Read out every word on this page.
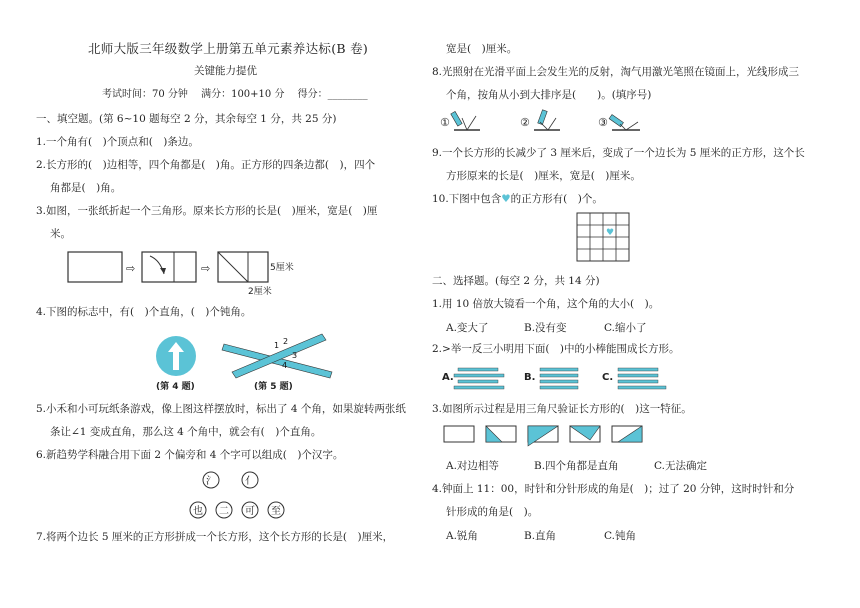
北师大版三年级数学上册第五单元素养达标(B 卷)
关键能力提优
考试时间：70 分钟　 满分：100+10 分　 得分：________
一、填空题。(第 6~10 题每空 2 分，其余每空 1 分，共 25 分)
1.一个角有(　)个顶点和(　)条边。
2.长方形的(　)边相等，四个角都是(　)角。正方形的四条边都(　)，四个
角都是(　)角。
3.如图，一张纸折起一个三角形。原来长方形的长是(　)厘米，宽是(　)厘
米。
⇨	⇨	5厘米
2厘米
4.下图的标志中，有(　)个直角，(　)个钝角。
(第 4 题)
1 2
3
4
(第 5 题)
5.小禾和小可玩纸条游戏，像上图这样摆放时，标出了 4 个角，如果旋转两张纸
条让∠1 变成直角，那么这 4 个角中，就会有(　)个直角。
6.新趋势学科融合用下面 2 个偏旁和 4 个字可以组成(　)个汉字。
氵	亻
也 二 可 至
7.将两个边长 5 厘米的正方形拼成一个长方形，这个长方形的长是(　)厘米，
宽是(　)厘米。
8.光照射在光滑平面上会发生光的反射，淘气用激光笔照在镜面上，光线形成三
个角，按角从小到大排序是(　　)。(填序号)
①	②	③
9.一个长方形的长减少了 3 厘米后，变成了一个边长为 5 厘米的正方形，这个长
方形原来的长是(　)厘米，宽是(　)厘米。
10.下图中包含♥的正方形有(　)个。
♥
二、选择题。(每空 2 分，共 14 分)
1.用 10 倍放大镜看一个角，这个角的大小(　)。
A.变大了	B.没有变	C.缩小了
2.>举一反三小明用下面(　)中的小棒能围成长方形。
A.	B.	C.
3.如图所示过程是用三角尺验证长方形的(　)这一特征。
A.对边相等	B.四个角都是直角	C.无法确定
4.钟面上 11：00，时针和分针形成的角是(　)；过了 20 分钟，这时时针和分
针形成的角是(　)。
A.锐角	B.直角	C.钝角
